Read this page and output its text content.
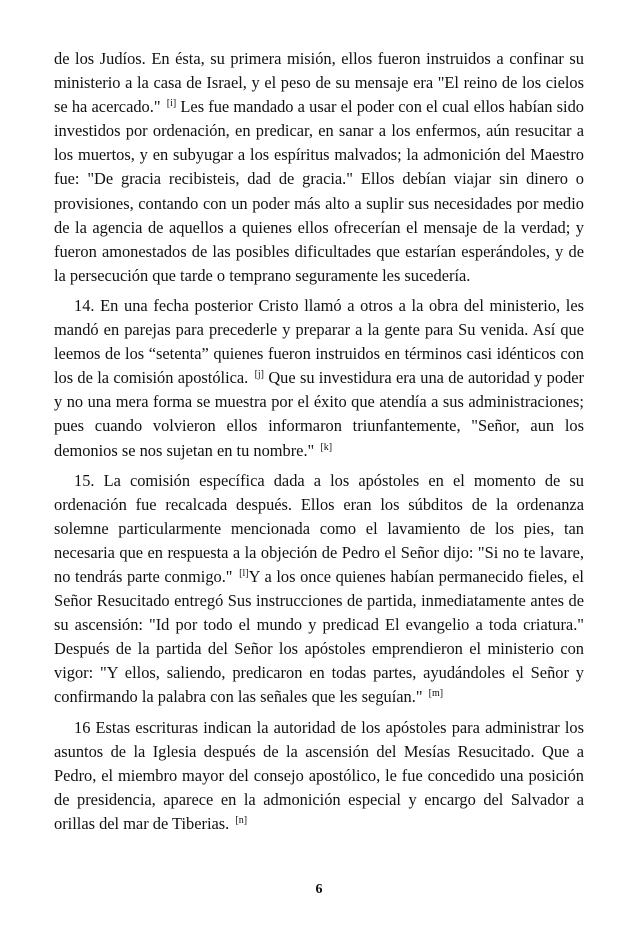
de los Judíos. En ésta, su primera misión, ellos fueron instruidos a confinar su ministerio a la casa de Israel, y el peso de su mensaje era "El reino de los cielos se ha acercado." [i] Les fue mandado a usar el poder con el cual ellos habían sido investidos por ordenación, en predicar, en sanar a los enfermos, aún resucitar a los muertos, y en subyugar a los espíritus malvados; la admonición del Maestro fue: "De gracia recibisteis, dad de gracia." Ellos debían viajar sin dinero o provisiones, contando con un poder más alto a suplir sus necesidades por medio de la agencia de aquellos a quienes ellos ofrecerían el mensaje de la verdad; y fueron amonestados de las posibles dificultades que estarían esperándoles, y de la persecución que tarde o temprano seguramente les sucedería.

14. En una fecha posterior Cristo llamó a otros a la obra del ministerio, les mandó en parejas para precederle y preparar a la gente para Su venida. Así que leemos de los “setenta” quienes fueron instruidos en términos casi idénticos con los de la comisión apostólica. [j] Que su investidura era una de autoridad y poder y no una mera forma se muestra por el éxito que atendía a sus administraciones; pues cuando volvieron ellos informaron triunfantemente, "Señor, aun los demonios se nos sujetan en tu nombre." [k]

15. La comisión específica dada a los apóstoles en el momento de su ordenación fue recalcada después. Ellos eran los súbditos de la ordenanza solemne particularmente mencionada como el lavamiento de los pies, tan necesaria que en respuesta a la objeción de Pedro el Señor dijo: "Si no te lavare, no tendrás parte conmigo." [l]Y a los once quienes habían permanecido fieles, el Señor Resucitado entregó Sus instrucciones de partida, inmediatamente antes de su ascensión: "Id por todo el mundo y predicad El evangelio a toda criatura." Después de la partida del Señor los apóstoles emprendieron el ministerio con vigor: "Y ellos, saliendo, predicaron en todas partes, ayudándoles el Señor y confirmando la palabra con las señales que les seguían." [m]

16 Estas escrituras indican la autoridad de los apóstoles para administrar los asuntos de la Iglesia después de la ascensión del Mesías Resucitado. Que a Pedro, el miembro mayor del consejo apostólico, le fue concedido una posición de presidencia, aparece en la admonición especial y encargo del Salvador a orillas del mar de Tiberias. [n]

6
